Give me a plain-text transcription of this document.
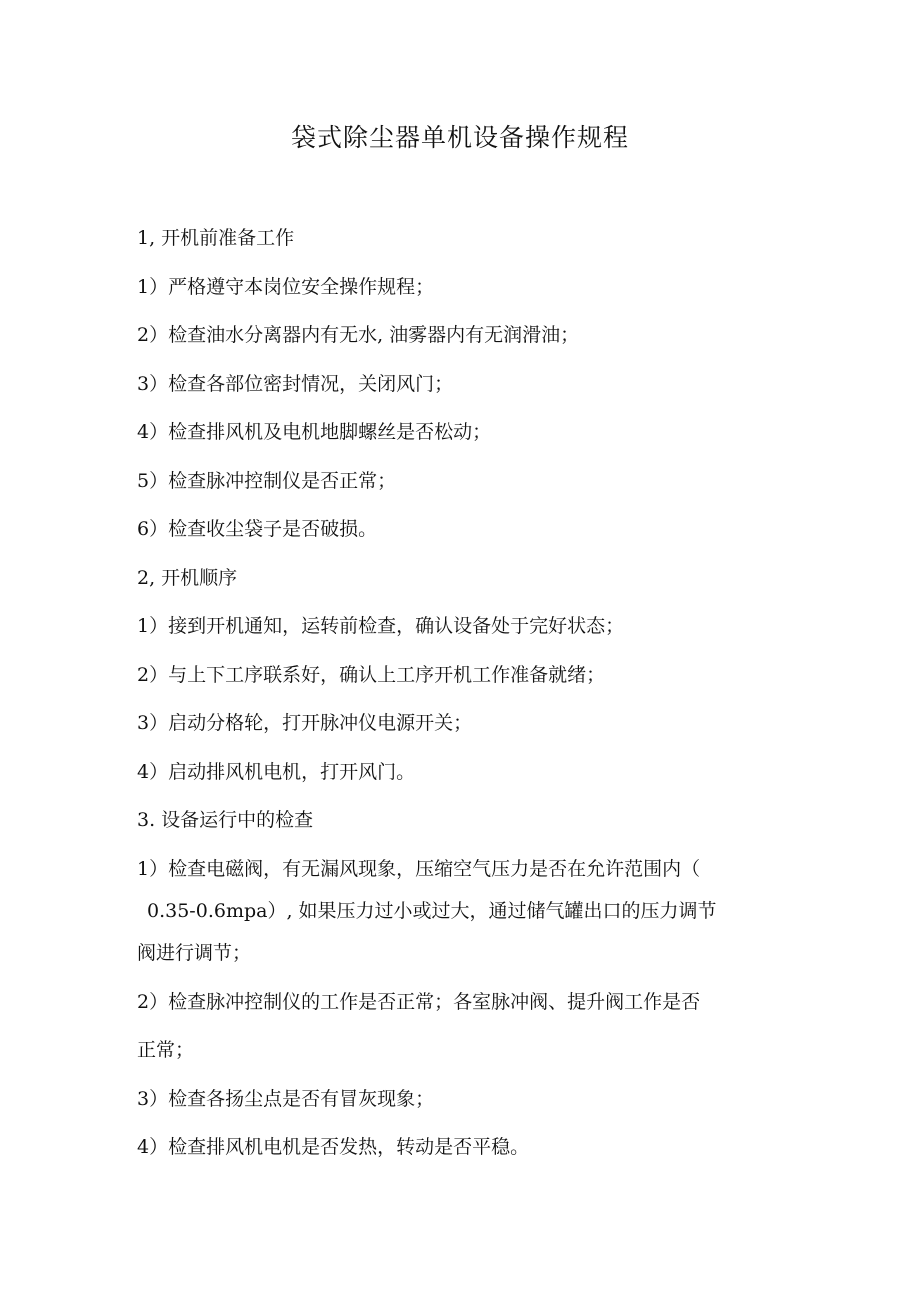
袋式除尘器单机设备操作规程

1, 开机前准备工作

1）严格遵守本岗位安全操作规程；

2）检查油水分离器内有无水, 油雾器内有无润滑油；

3）检查各部位密封情况，关闭风门；

4）检查排风机及电机地脚螺丝是否松动；

5）检查脉冲控制仪是否正常；

6）检查收尘袋子是否破损。

2, 开机顺序

1）接到开机通知，运转前检查，确认设备处于完好状态；

2）与上下工序联系好，确认上工序开机工作准备就绪；

3）启动分格轮，打开脉冲仪电源开关；

4）启动排风机电机，打开风门。

3. 设备运行中的检查

1）检查电磁阀，有无漏风现象，压缩空气压力是否在允许范围内（
0.35-0.6mpa）, 如果压力过小或过大，通过储气罐出口的压力调节
阀进行调节；
2）检查脉冲控制仪的工作是否正常；各室脉冲阀、提升阀工作是否
正常；

3）检查各扬尘点是否有冒灰现象；

4）检查排风机电机是否发热，转动是否平稳。
